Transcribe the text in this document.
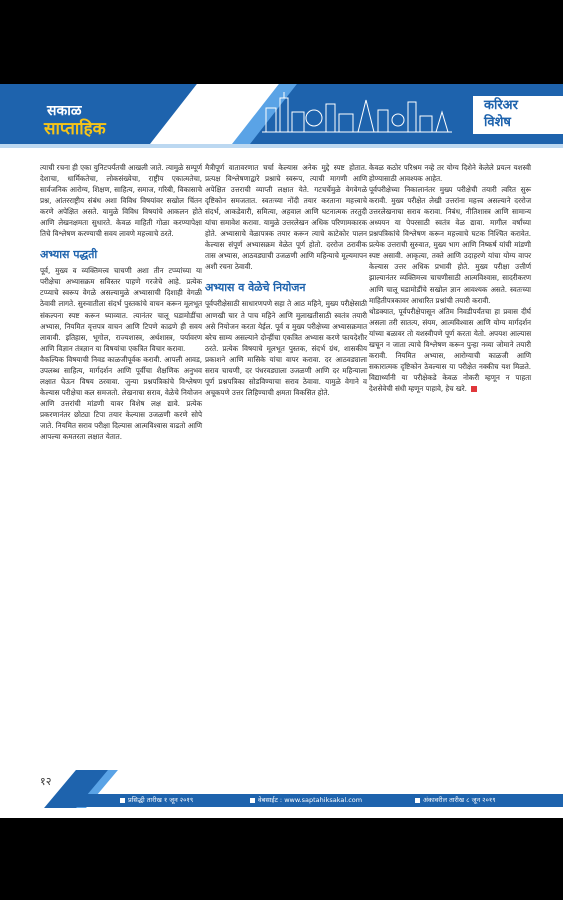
सकाळ
साप्ताहिक
करिअर
विशेष

त्याची रचना ही एका युनिटपर्यंतची आखली जाते. त्यामुळे सम्पूर्ण देशाचा, धार्मिकतेचा, लोकसंख्येचा, राष्ट्रीय एकात्मतेचा, सार्वजनिक आरोग्य, शिक्षण, साहित्य, समाज, गरिबी, विकासाचे प्रश्न, आंतरराष्ट्रीय संबंध अशा विविध विषयांवर सखोल चिंतन करणे अपेक्षित असते. यामुळे विविध विषयांचे आकलन होते आणि लेखनक्षमता सुधारते. केवळ माहिती गोळा करण्यापेक्षा तिचे विश्लेषण करण्याची सवय लावणे महत्त्वाचे ठरते.

अभ्यास पद्धती

पूर्व, मुख्य व व्यक्तिमत्त्व चाचणी अशा तीन टप्प्यांच्या या परीक्षेचा अभ्यासक्रम सविस्तर पाहणे गरजेचे आहे. प्रत्येक टप्प्याचे स्वरूप वेगळे असल्यामुळे अभ्यासाची दिशाही वेगळी ठेवावी लागते. सुरुवातीला संदर्भ पुस्तकांचे वाचन करून मूलभूत संकल्पना स्पष्ट करून घ्याव्यात. त्यानंतर चालू घडामोडींचा अभ्यास, नियमित वृत्तपत्र वाचन आणि टिपणे काढणे ही सवय लावावी. इतिहास, भूगोल, राज्यशास्त्र, अर्थशास्त्र, पर्यावरण आणि विज्ञान तंत्रज्ञान या विषयांचा एकत्रित विचार करावा.

वैकल्पिक विषयाची निवड काळजीपूर्वक करावी. आपली आवड, उपलब्ध साहित्य, मार्गदर्शन आणि पूर्वीचा शैक्षणिक अनुभव लक्षात घेऊन विषय ठरवावा. जुन्या प्रश्नपत्रिकांचे विश्लेषण केल्यास परीक्षेचा कल समजतो. लेखनाचा सराव, वेळेचे नियोजन आणि उत्तरांची मांडणी यावर विशेष लक्ष द्यावे. प्रत्येक प्रकरणानंतर छोट्या टिपा तयार केल्यास उजळणी करणे सोपे जाते. नियमित सराव परीक्षा दिल्यास आत्मविश्वास वाढतो आणि आपल्या कमतरता लक्षात येतात.

मैत्रीपूर्ण वातावरणात चर्चा केल्यास अनेक मुद्दे स्पष्ट होतात. प्रत्यक्ष विश्लेषणाद्वारे प्रश्नाचे स्वरूप, त्याची मागणी आणि अपेक्षित उत्तराची व्याप्ती लक्षात येते. गटचर्चेमुळे वेगवेगळे दृष्टिकोन समजतात. स्वतःच्या नोंदी तयार करताना महत्त्वाचे संदर्भ, आकडेवारी, समित्या, अहवाल आणि घटनात्मक तरतुदी यांचा समावेश करावा. यामुळे उत्तरलेखन अधिक परिणामकारक होते. अभ्यासाचे वेळापत्रक तयार करून त्याचे काटेकोर पालन केल्यास संपूर्ण अभ्यासक्रम वेळेत पूर्ण होतो. दररोज ठरावीक तास अभ्यास, आठवड्याची उजळणी आणि महिन्याचे मूल्यमापन अशी रचना ठेवावी.

अभ्यास व वेळेचे नियोजन

पूर्वपरीक्षेसाठी साधारणपणे सहा ते आठ महिने, मुख्य परीक्षेसाठी आणखी चार ते पाच महिने आणि मुलाखतीसाठी स्वतंत्र तयारी असे नियोजन करता येईल. पूर्व व मुख्य परीक्षेच्या अभ्यासक्रमात बरेच साम्य असल्याने दोन्हींचा एकत्रित अभ्यास करणे फायदेशीर ठरते. प्रत्येक विषयाचे मूलभूत पुस्तक, संदर्भ ग्रंथ, शासकीय प्रकाशने आणि मासिके यांचा वापर करावा. दर आठवड्याला सराव चाचणी, दर पंधरवड्याला उजळणी आणि दर महिन्याला पूर्ण प्रश्नपत्रिका सोडविण्याचा सराव ठेवावा. यामुळे वेगाने व अचूकपणे उत्तर लिहिण्याची क्षमता विकसित होते.

केवळ कठोर परिश्रम नव्हे तर योग्य दिशेने केलेले प्रयत्न यशस्वी होण्यासाठी आवश्यक आहेत.

पूर्वपरीक्षेच्या निकालानंतर मुख्य परीक्षेची तयारी त्वरित सुरू करावी. मुख्य परीक्षेत लेखी उत्तरांना महत्त्व असल्याने दररोज उत्तरलेखनाचा सराव करावा. निबंध, नीतिशास्त्र आणि सामान्य अध्ययन या पेपरसाठी स्वतंत्र वेळ द्यावा. मागील वर्षांच्या प्रश्नपत्रिकांचे विश्लेषण करून महत्त्वाचे घटक निश्चित करावेत. प्रत्येक उत्तराची सुरुवात, मुख्य भाग आणि निष्कर्ष यांची मांडणी स्पष्ट असावी. आकृत्या, तक्ते आणि उदाहरणे यांचा योग्य वापर केल्यास उत्तर अधिक प्रभावी होते. मुख्य परीक्षा उत्तीर्ण झाल्यानंतर व्यक्तिमत्त्व चाचणीसाठी आत्मविश्वास, सादरीकरण आणि चालू घडामोडींचे सखोल ज्ञान आवश्यक असते. स्वतःच्या माहितीपत्रकावर आधारित प्रश्नांची तयारी करावी.

थोडक्यात, पूर्वपरीक्षेपासून अंतिम निवडीपर्यंतचा हा प्रवास दीर्घ असला तरी सातत्य, संयम, आत्मविश्वास आणि योग्य मार्गदर्शन यांच्या बळावर तो यशस्वीपणे पूर्ण करता येतो. अपयश आल्यास खचून न जाता त्याचे विश्लेषण करून पुन्हा नव्या जोमाने तयारी करावी. नियमित अभ्यास, आरोग्याची काळजी आणि सकारात्मक दृष्टिकोन ठेवल्यास या परीक्षेत नक्कीच यश मिळते. विद्यार्थ्यांनी या परीक्षेकडे केवळ नोकरी म्हणून न पाहता देशसेवेची संधी म्हणून पाहावे, हेच खरे.

१२
प्रसिद्धी तारीख १ जून २०१९	वेबसाईट : www.saptahiksakal.com	अंकावरील तारीख ८ जून २०१९
